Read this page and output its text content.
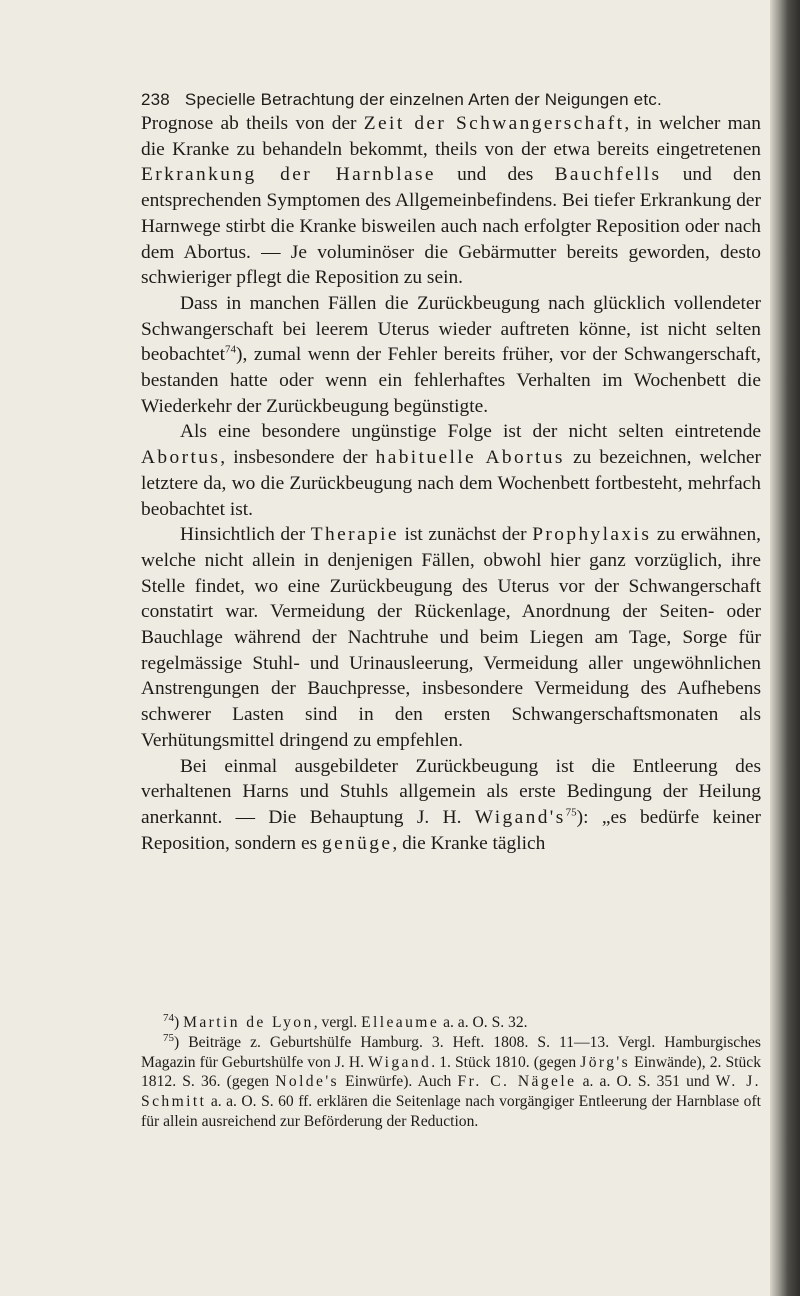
238 Specielle Betrachtung der einzelnen Arten der Neigungen etc.

Prognose ab theils von der Zeit der Schwangerschaft, in welcher man die Kranke zu behandeln bekommt, theils von der etwa bereits eingetretenen Erkrankung der Harnblase und des Bauchfells und den entsprechenden Symptomen des Allgemeinbefindens. Bei tiefer Erkrankung der Harnwege stirbt die Kranke bisweilen auch nach erfolgter Reposition oder nach dem Abortus. — Je voluminöser die Gebärmutter bereits geworden, desto schwieriger pflegt die Reposition zu sein.

Dass in manchen Fällen die Zurückbeugung nach glücklich vollendeter Schwangerschaft bei leerem Uterus wieder auftreten könne, ist nicht selten beobachtet$^{74}$), zumal wenn der Fehler bereits früher, vor der Schwangerschaft, bestanden hatte oder wenn ein fehlerhaftes Verhalten im Wochenbett die Wiederkehr der Zurückbeugung begünstigte.

Als eine besondere ungünstige Folge ist der nicht selten eintretende Abortus, insbesondere der habituelle Abortus zu bezeichnen, welcher letztere da, wo die Zurückbeugung nach dem Wochenbett fortbesteht, mehrfach beobachtet ist.

Hinsichtlich der Therapie ist zunächst der Prophylaxis zu erwähnen, welche nicht allein in denjenigen Fällen, obwohl hier ganz vorzüglich, ihre Stelle findet, wo eine Zurückbeugung des Uterus vor der Schwangerschaft constatirt war. Vermeidung der Rückenlage, Anordnung der Seiten- oder Bauchlage während der Nachtruhe und beim Liegen am Tage, Sorge für regelmässige Stuhl- und Urinausleerung, Vermeidung aller ungewöhnlichen Anstrengungen der Bauchpresse, insbesondere Vermeidung des Aufhebens schwerer Lasten sind in den ersten Schwangerschaftsmonaten als Verhütungsmittel dringend zu empfehlen.

Bei einmal ausgebildeter Zurückbeugung ist die Entleerung des verhaltenen Harns und Stuhls allgemein als erste Bedingung der Heilung anerkannt. — Die Behauptung J. H. $Wigand's^{75}$): „es bedürfe keiner Reposition, sondern es genüge, die Kranke täglich

$^{74}$) Martin de Lyon, vergl. Elleaume a. a. O. S. 32.

$^{75}$) Beiträge z. Geburtshülfe Hamburg. 3. Heft. 1808. S. 11—13. Vergl. Hamburgisches Magazin für Geburtshülfe von J. H. Wigand. 1. Stück 1810. (gegen Jörg's Einwände), 2. Stück 1812. S. 36. (gegen Nolde's Einwürfe). Auch Fr. C. Nägele a. a. O. S. 351 und W. J. Schmitt a. a. O. S. 60 ff. erklären die Seitenlage nach vorgängiger Entleerung der Harnblase oft für allein ausreichend zur Beförderung der Reduction.
